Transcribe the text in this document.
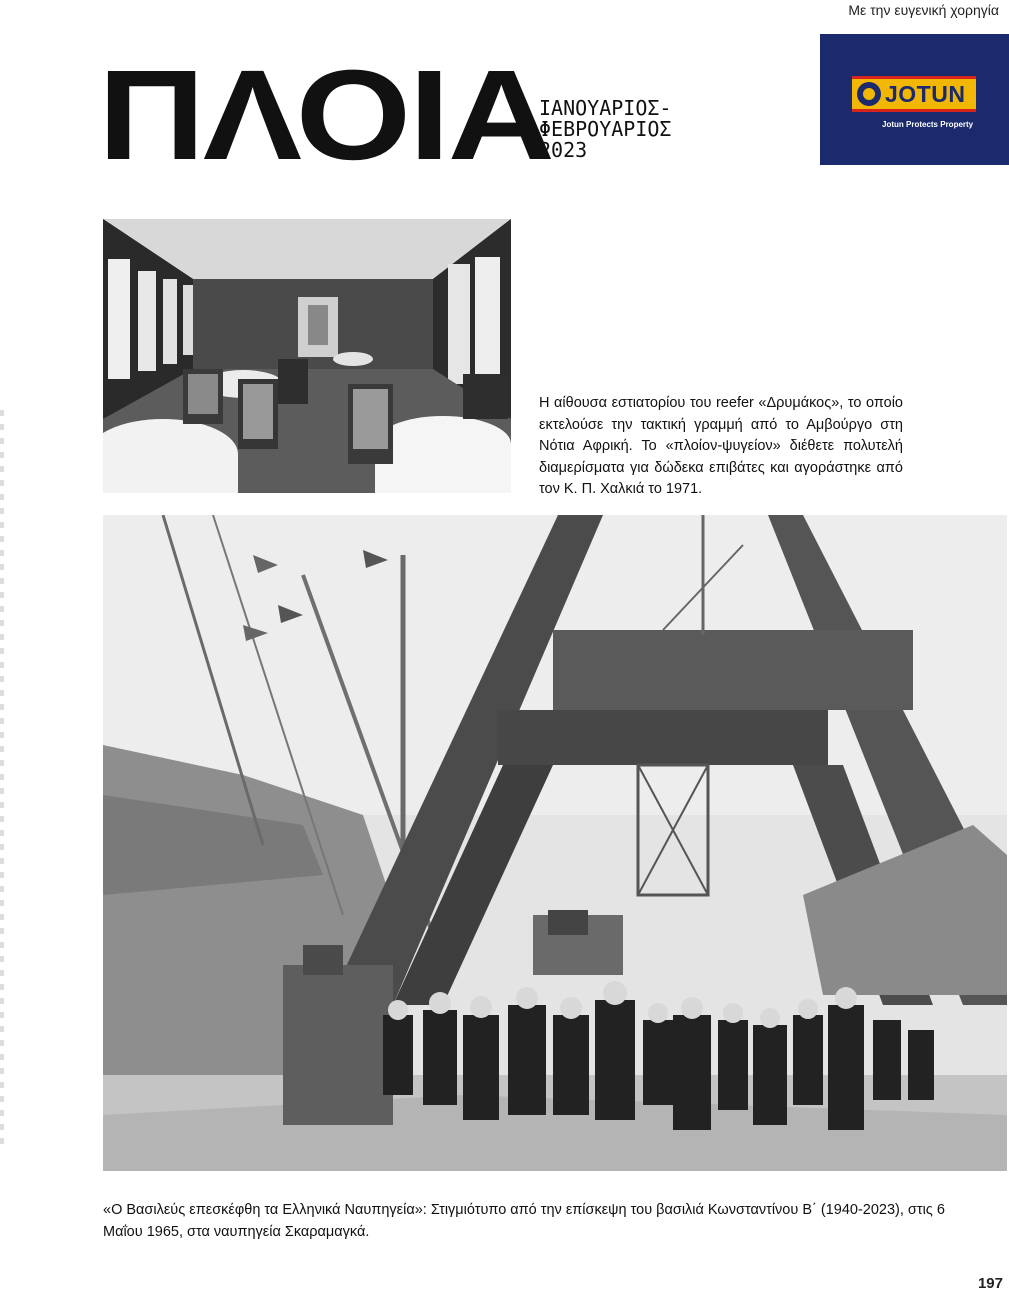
Με την ευγενική χορηγία
JOTUN
Jotun Protects Property
ΠΛΟΙΑ
ΙΑΝΟΥΑΡΙΟΣ-
ΦΕΒΡΟΥΑΡΙΟΣ
2023
Η αίθουσα εστιατορίου του reefer «Δρυμάκος», το οποίο εκτελούσε την τακτική γραμμή από το Αμβούργο στη Νότια Αφρική. Το «πλοίον-ψυγείον» διέθετε πολυτελή διαμερίσματα για δώδεκα επιβάτες και αγοράστηκε από τον Κ. Π. Χαλκιά το 1971.
«Ο Βασιλεύς επεσκέφθη τα Ελληνικά Ναυπηγεία»: Στιγμιότυπο από την επίσκεψη του βασιλιά Κωνσταντίνου Β΄ (1940-2023), στις 6 Μαΐου 1965, στα ναυπηγεία Σκαραμαγκά.
197
